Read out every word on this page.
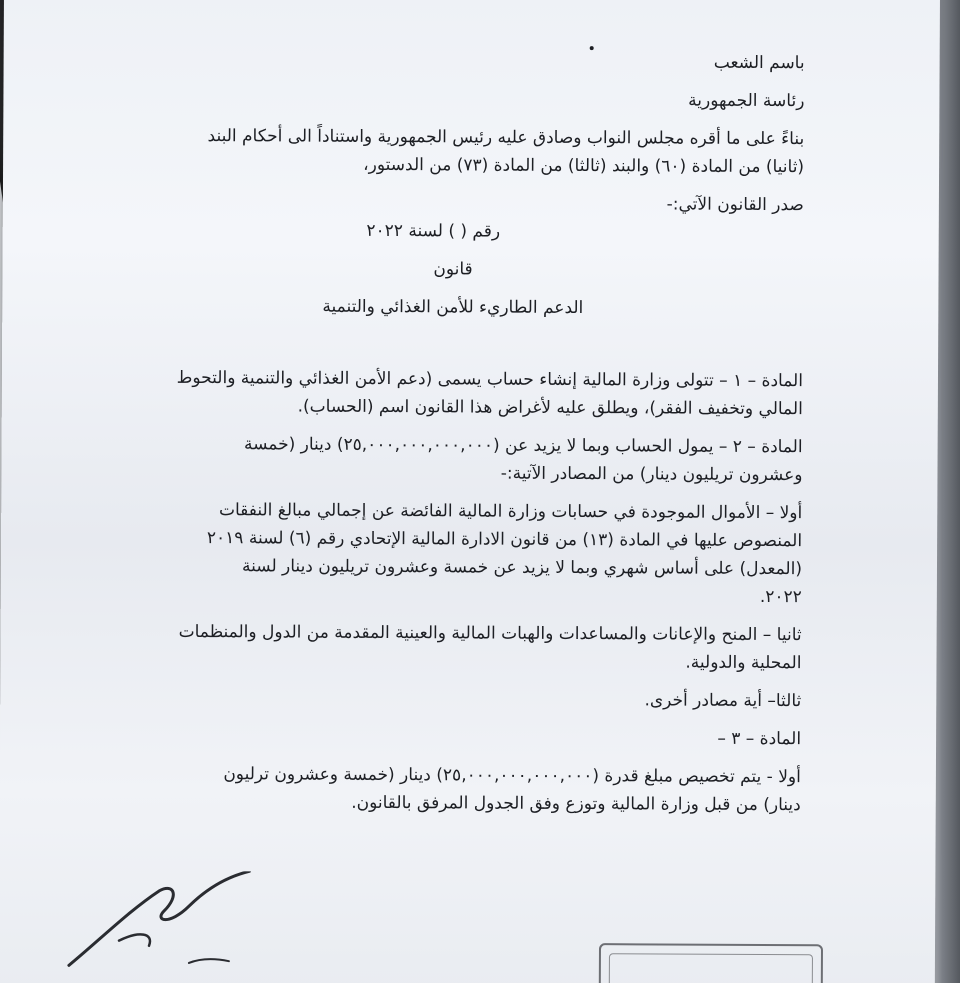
باسم الشعب

رئاسة الجمهورية

بناءً على ما أقره مجلس النواب وصادق عليه رئيس الجمهورية واستناداً الى أحكام البند

(ثانيا) من المادة (٦٠) والبند (ثالثا) من المادة (٧٣) من الدستور،

صدر القانون الآتي:-

رقم ( ) لسنة ٢٠٢٢

قانون

الدعم الطاريء للأمن الغذائي والتنمية

المادة – ١ – تتولى وزارة المالية إنشاء حساب يسمى (دعم الأمن الغذائي والتنمية والتحوط

المالي وتخفيف الفقر)، ويطلق عليه لأغراض هذا القانون اسم (الحساب).

المادة – ٢ – يمول الحساب وبما لا يزيد عن (٢٥,٠٠٠,٠٠٠,٠٠٠,٠٠٠) دينار (خمسة

وعشرون تريليون دينار) من المصادر الآتية:-

أولا – الأموال الموجودة في حسابات وزارة المالية الفائضة عن إجمالي مبالغ النفقات

المنصوص عليها في المادة (١٣) من قانون الادارة المالية الإتحادي رقم (٦) لسنة ٢٠١٩

(المعدل) على أساس شهري وبما لا يزيد عن خمسة وعشرون تريليون دينار لسنة

٢٠٢٢.

ثانيا – المنح والإعانات والمساعدات والهبات المالية والعينية المقدمة من الدول والمنظمات

المحلية والدولية.

ثالثا– أية مصادر أخرى.

المادة – ٣ –

أولا - يتم تخصيص مبلغ قدرة (٢٥,٠٠٠,٠٠٠,٠٠٠,٠٠٠) دينار (خمسة وعشرون ترليون

دينار) من قبل وزارة المالية وتوزع وفق الجدول المرفق بالقانون.
